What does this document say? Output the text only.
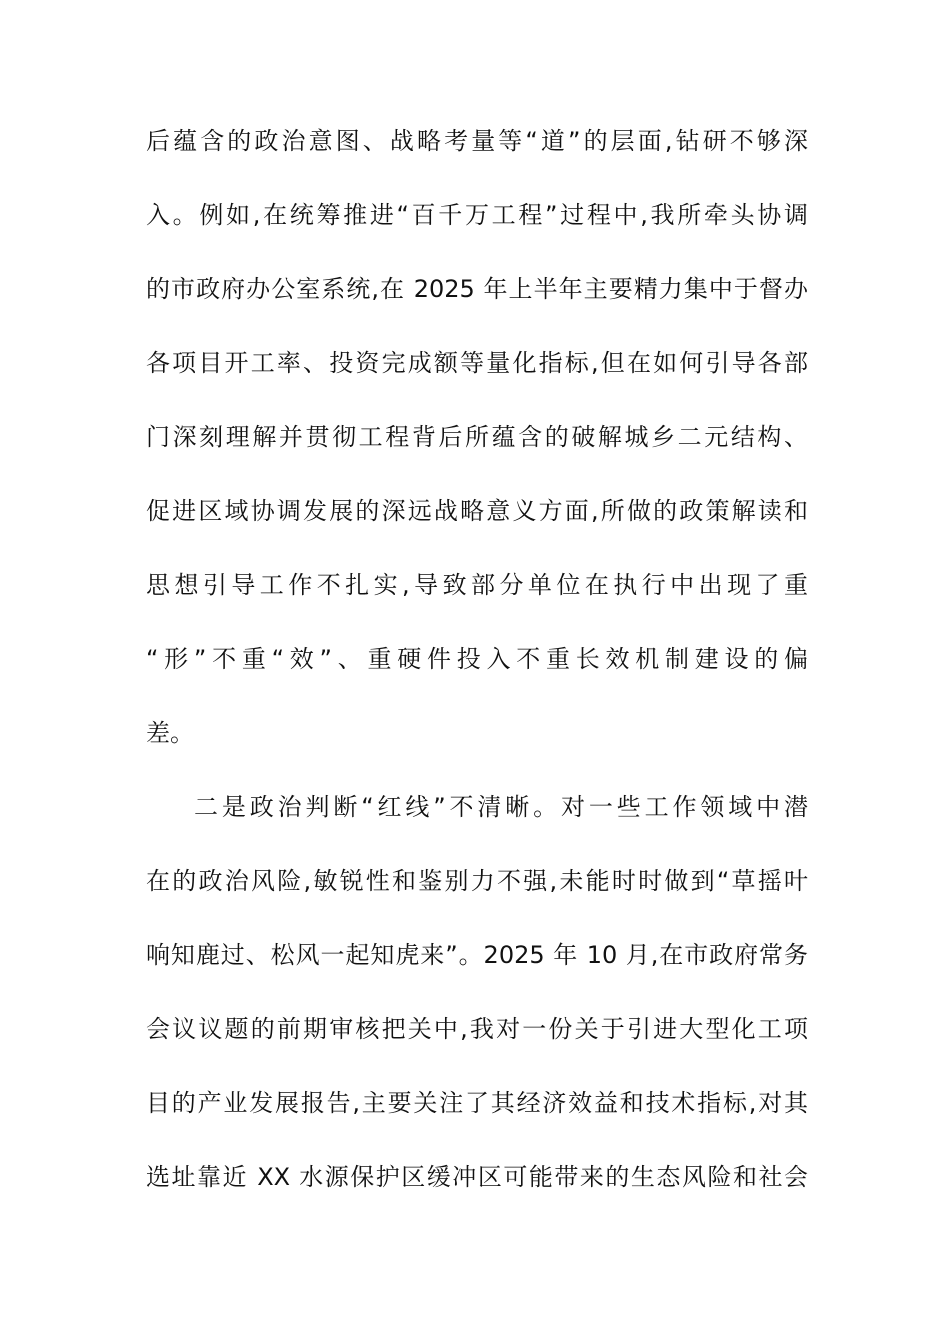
后蕴含的政治意图、战略考量等“道”的层面,钻研不够深
入。例如,在统筹推进“百千万工程”过程中,我所牵头协调
的市政府办公室系统,在 2025 年上半年主要精力集中于督办
各项目开工率、投资完成额等量化指标,但在如何引导各部
门深刻理解并贯彻工程背后所蕴含的破解城乡二元结构、
促进区域协调发展的深远战略意义方面,所做的政策解读和
思想引导工作不扎实,导致部分单位在执行中出现了重
“形”不重“效”、重硬件投入不重长效机制建设的偏
差。
二是政治判断“红线”不清晰。对一些工作领域中潜
在的政治风险,敏锐性和鉴别力不强,未能时时做到“草摇叶
响知鹿过、松风一起知虎来”。2025 年 10 月,在市政府常务
会议议题的前期审核把关中,我对一份关于引进大型化工项
目的产业发展报告,主要关注了其经济效益和技术指标,对其
选址靠近 XX 水源保护区缓冲区可能带来的生态风险和社会
